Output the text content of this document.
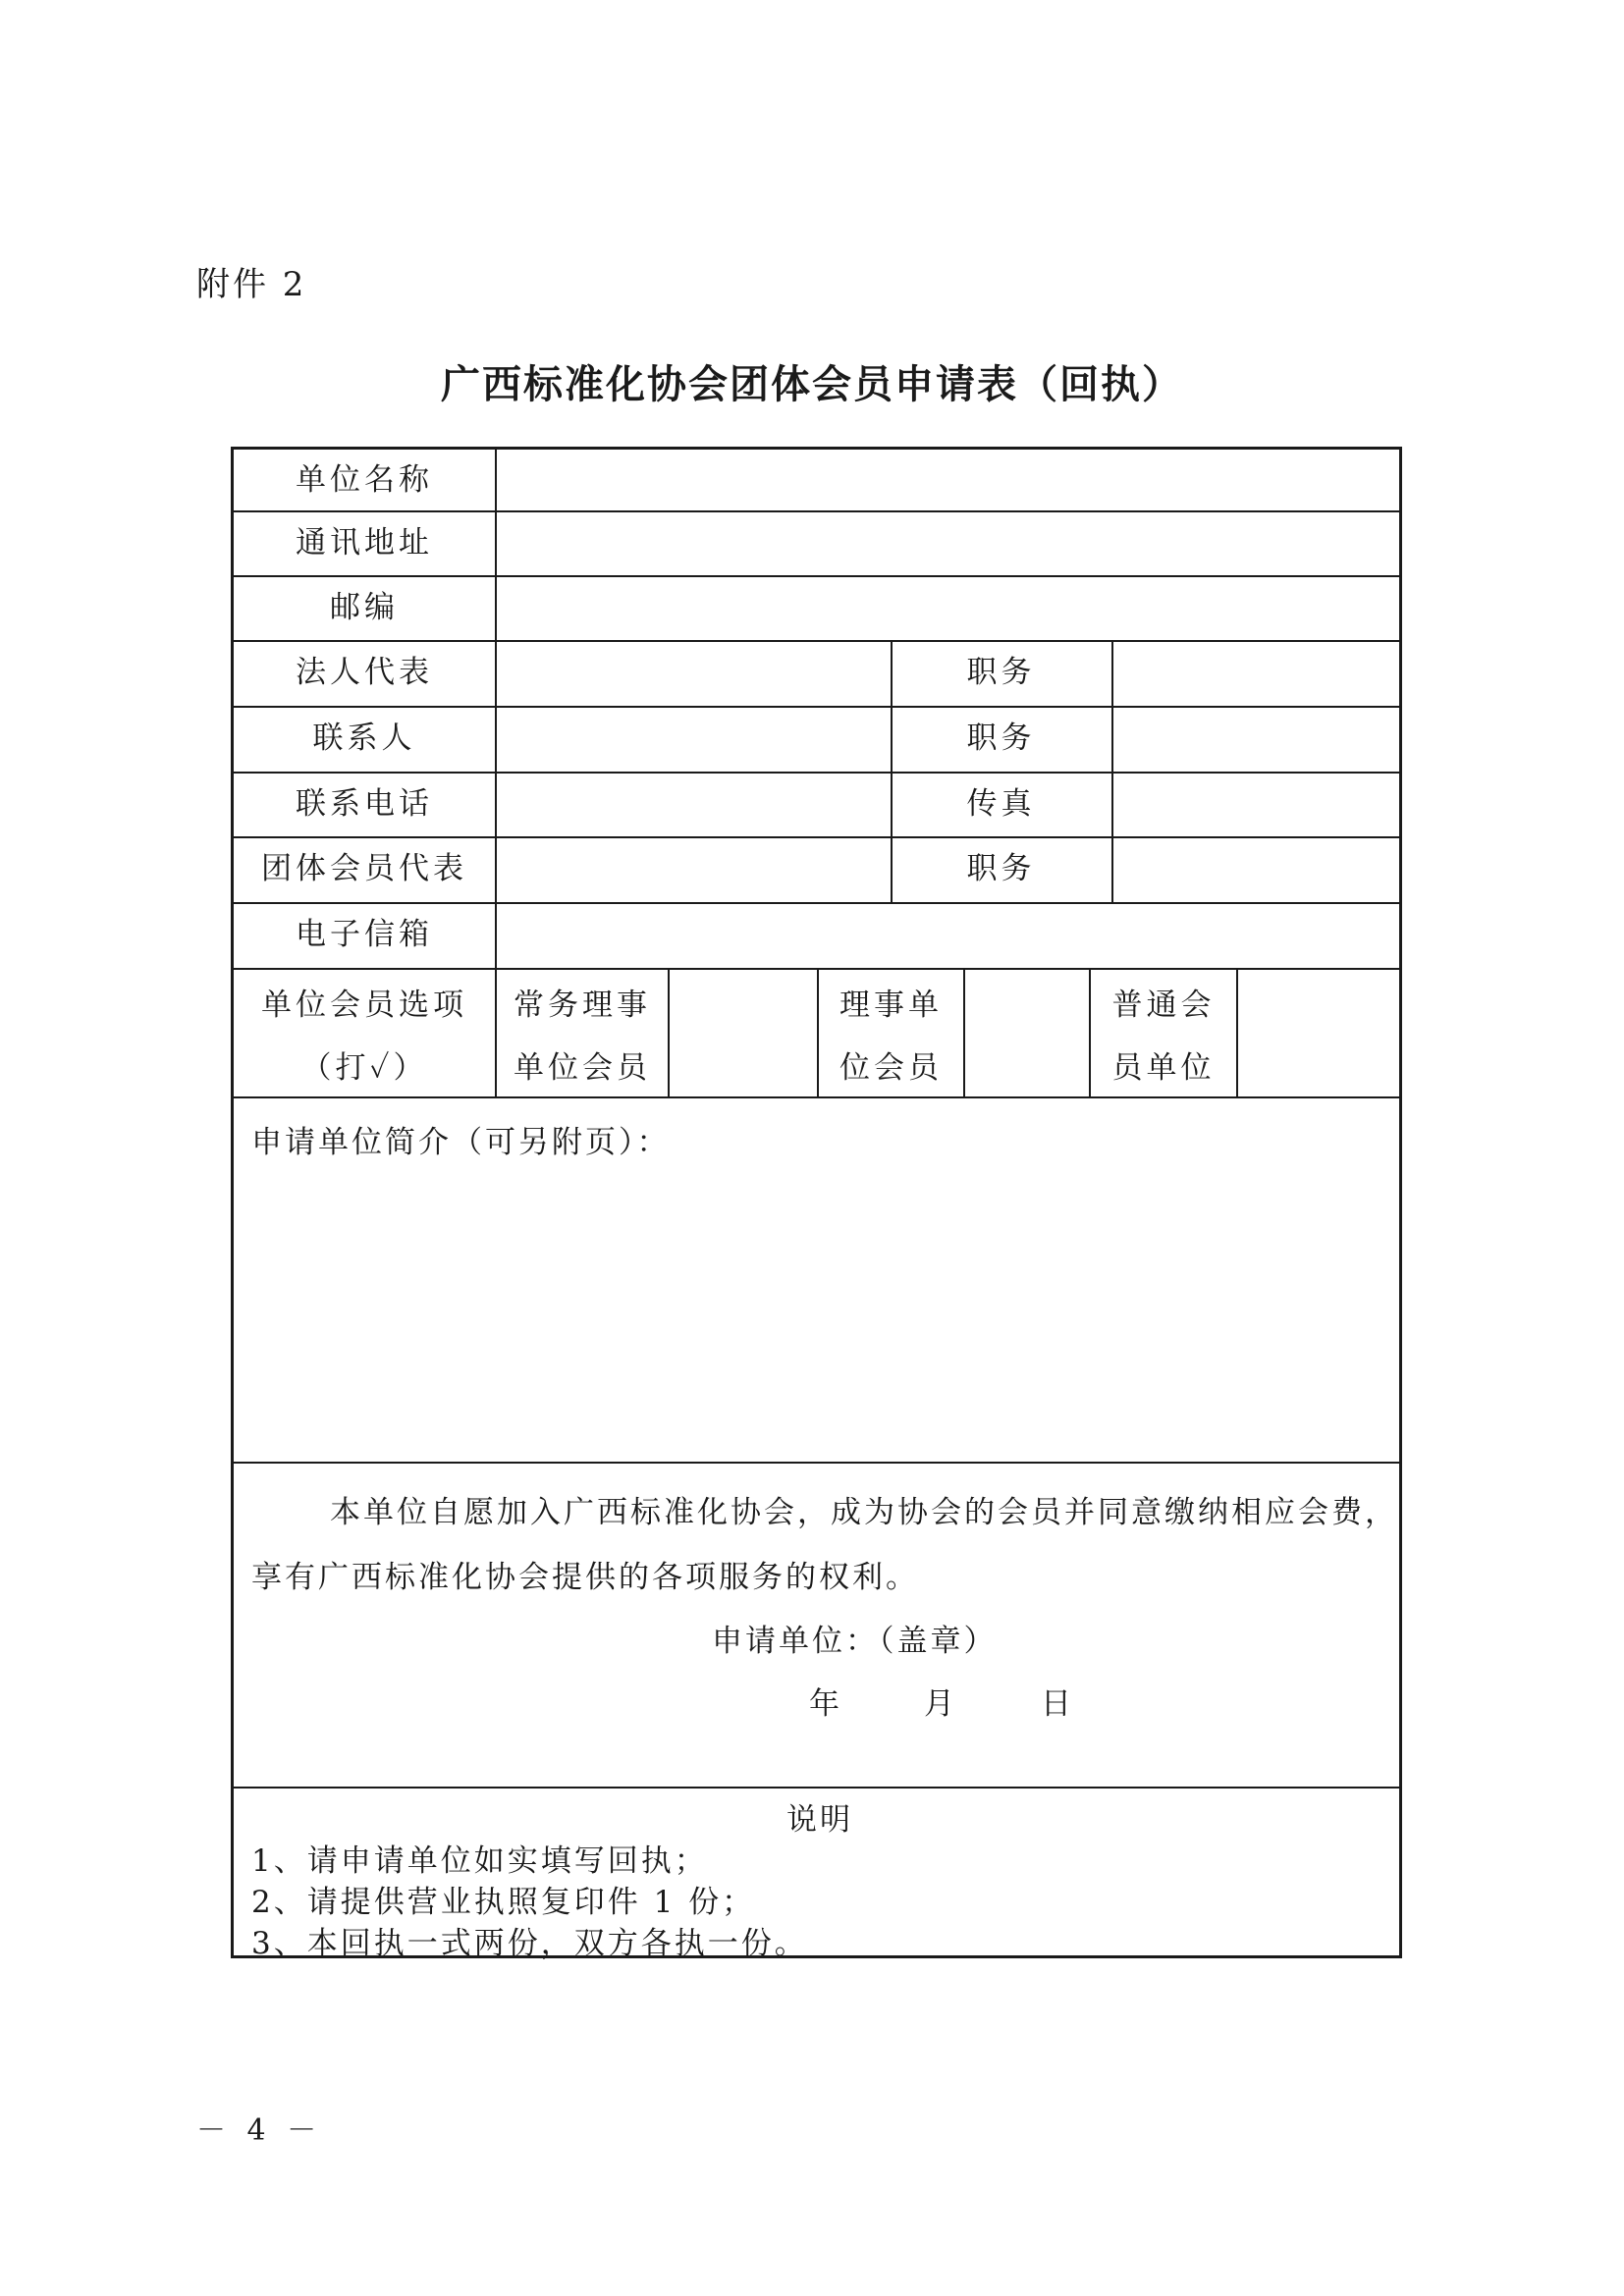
附件 2
广西标准化协会团体会员申请表（回执）
单位名称
通讯地址
邮编
法人代表
联系人
联系电话
团体会员代表
电子信箱
职务
职务
传真
职务
单位会员选项
（打✓）
常务理事
单位会员
理事单
位会员
普通会
员单位
申请单位简介（可另附页）：
本单位自愿加入广西标准化协会，成为协会的会员并同意缴纳相应会费，
享有广西标准化协会提供的各项服务的权利。
申请单位：（盖章）
年	月	日
说明
1、请申请单位如实填写回执；
2、请提供营业执照复印件 1 份；
3、本回执一式两份，双方各执一份。
－ 4 －
